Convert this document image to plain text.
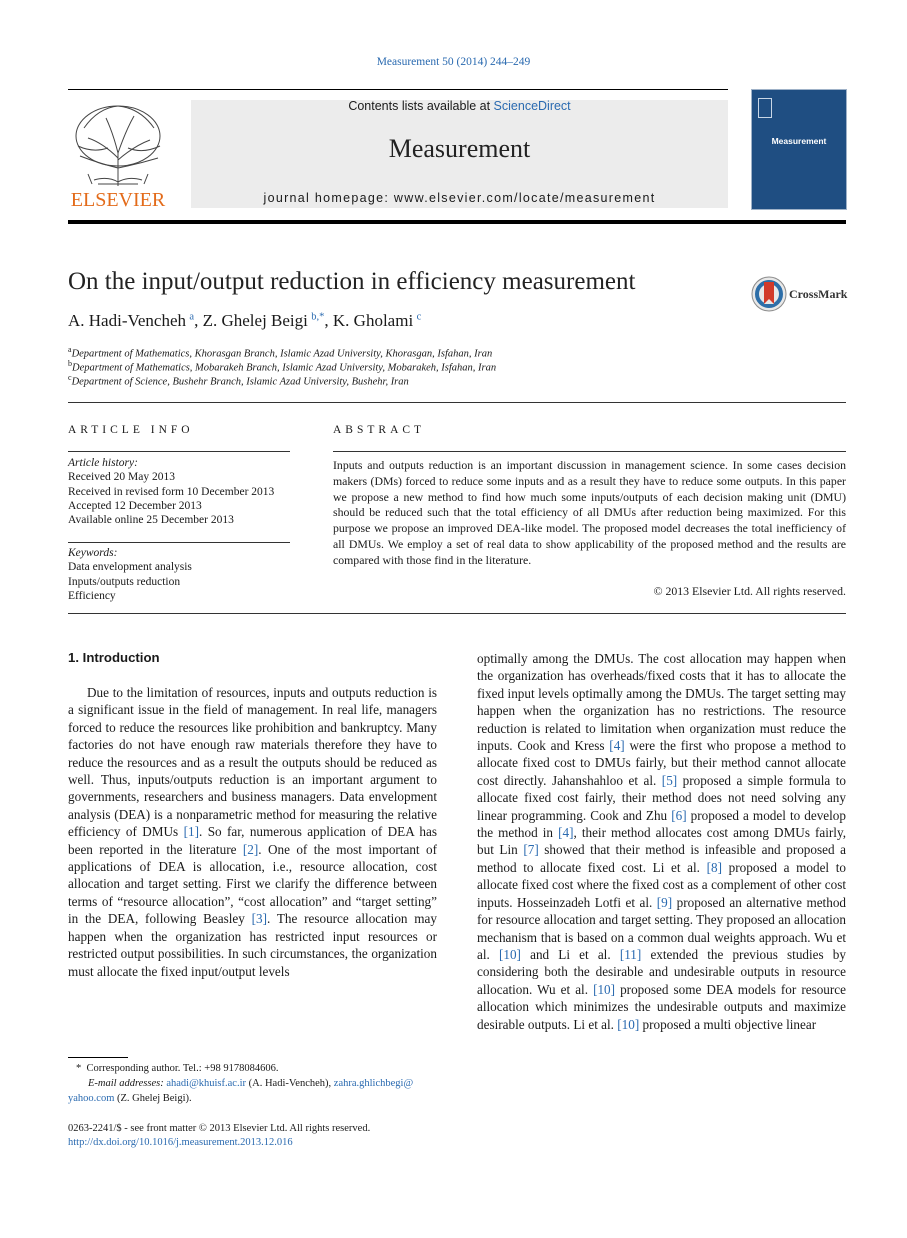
Measurement 50 (2014) 244–249
ELSEVIER
Contents lists available at ScienceDirect
Measurement
journal homepage: www.elsevier.com/locate/measurement
Measurement
On the input/output reduction in efficiency measurement	CrossMark
A. Hadi-Vencheh  $^a$, Z. Ghelej Beigi  $^{b,*}$, K. Gholami  $^c$
$^a$Department of Mathematics, Khorasgan Branch, Islamic Azad University, Khorasgan, Isfahan, Iran
$^b$Department of Mathematics, Mobarakeh Branch, Islamic Azad University, Mobarakeh, Isfahan, Iran
$^c$Department of Science, Bushehr Branch, Islamic Azad University, Bushehr, Iran
ARTICLE INFO
Article history:
Received 20 May 2013
Received in revised form 10 December 2013
Accepted 12 December 2013
Available online 25 December 2013
Keywords:
Data envelopment analysis
Inputs/outputs reduction
Efficiency
ABSTRACT
Inputs and outputs reduction is an important discussion in management science. In some cases decision makers (DMs) forced to reduce some inputs and as a result they have to reduce some outputs. In this paper we propose a new method to find how much some inputs/outputs of each decision making unit (DMU) should be reduced such that the total efficiency of all DMUs after reduction being maximized. For this purpose we propose an improved DEA-like model. The proposed model decreases the total inefficiency of all DMUs. We employ a set of real data to show applicability of the proposed method and the results are compared with those find in the literature.
© 2013 Elsevier Ltd. All rights reserved.
1. Introduction

Due to the limitation of resources, inputs and outputs reduction is a significant issue in the field of management. In real life, managers forced to reduce the resources like prohibition and bankruptcy. Many factories do not have enough raw materials therefore they have to reduce the resources and as a result the outputs should be reduced as well. Thus, inputs/outputs reduction is an important argument to governments, researchers and business managers. Data envelopment analysis (DEA) is a nonparametric method for measuring the relative efficiency of DMUs [1]. So far, numerous application of DEA has been reported in the literature [2]. One of the most important of applications of DEA is allocation, i.e., resource allocation, cost allocation and target setting. First we clarify the difference between terms of “resource allocation”, “cost allocation” and “target setting” in the DEA, following Beasley [3]. The resource allocation may happen when the organization has restricted input resources or restricted output possibilities. In such circumstances, the organization must allocate the fixed input/output levels

optimally among the DMUs. The cost allocation may happen when the organization has overheads/fixed costs that it has to allocate the fixed input levels optimally among the DMUs. The target setting may happen when the organization has no restrictions. The resource reduction is related to limitation when organization must reduce the inputs. Cook and Kress [4] were the first who propose a method to allocate fixed cost to DMUs fairly, but their method cannot allocate cost directly. Jahanshahloo et al. [5] proposed a simple formula to allocate fixed cost fairly, their method does not need solving any linear programming. Cook and Zhu [6] proposed a model to develop the method in [4], their method allocates cost among DMUs fairly, but Lin [7] showed that their method is infeasible and proposed a method to allocate fixed cost. Li et al. [8] proposed a model to allocate fixed cost where the fixed cost as a complement of other cost inputs. Hosseinzadeh Lotfi et al. [9] proposed an alternative method for resource allocation and target setting. They proposed an allocation mechanism that is based on a common dual weights approach. Wu et al. [10] and Li et al. [11] extended the previous studies by considering both the desirable and undesirable outputs in resource allocation. Wu et al. [10] proposed some DEA models for resource allocation which minimizes the undesirable outputs and maximize desirable outputs. Li et al. [10] proposed a multi objective linear

*  Corresponding author. Tel.: +98 9178084606.
E-mail addresses: ahadi@khuisf.ac.ir (A. Hadi-Vencheh), zahra.ghlichbegi@
yahoo.com (Z. Ghelej Beigi).
0263-2241/$ - see front matter © 2013 Elsevier Ltd. All rights reserved.
http://dx.doi.org/10.1016/j.measurement.2013.12.016
